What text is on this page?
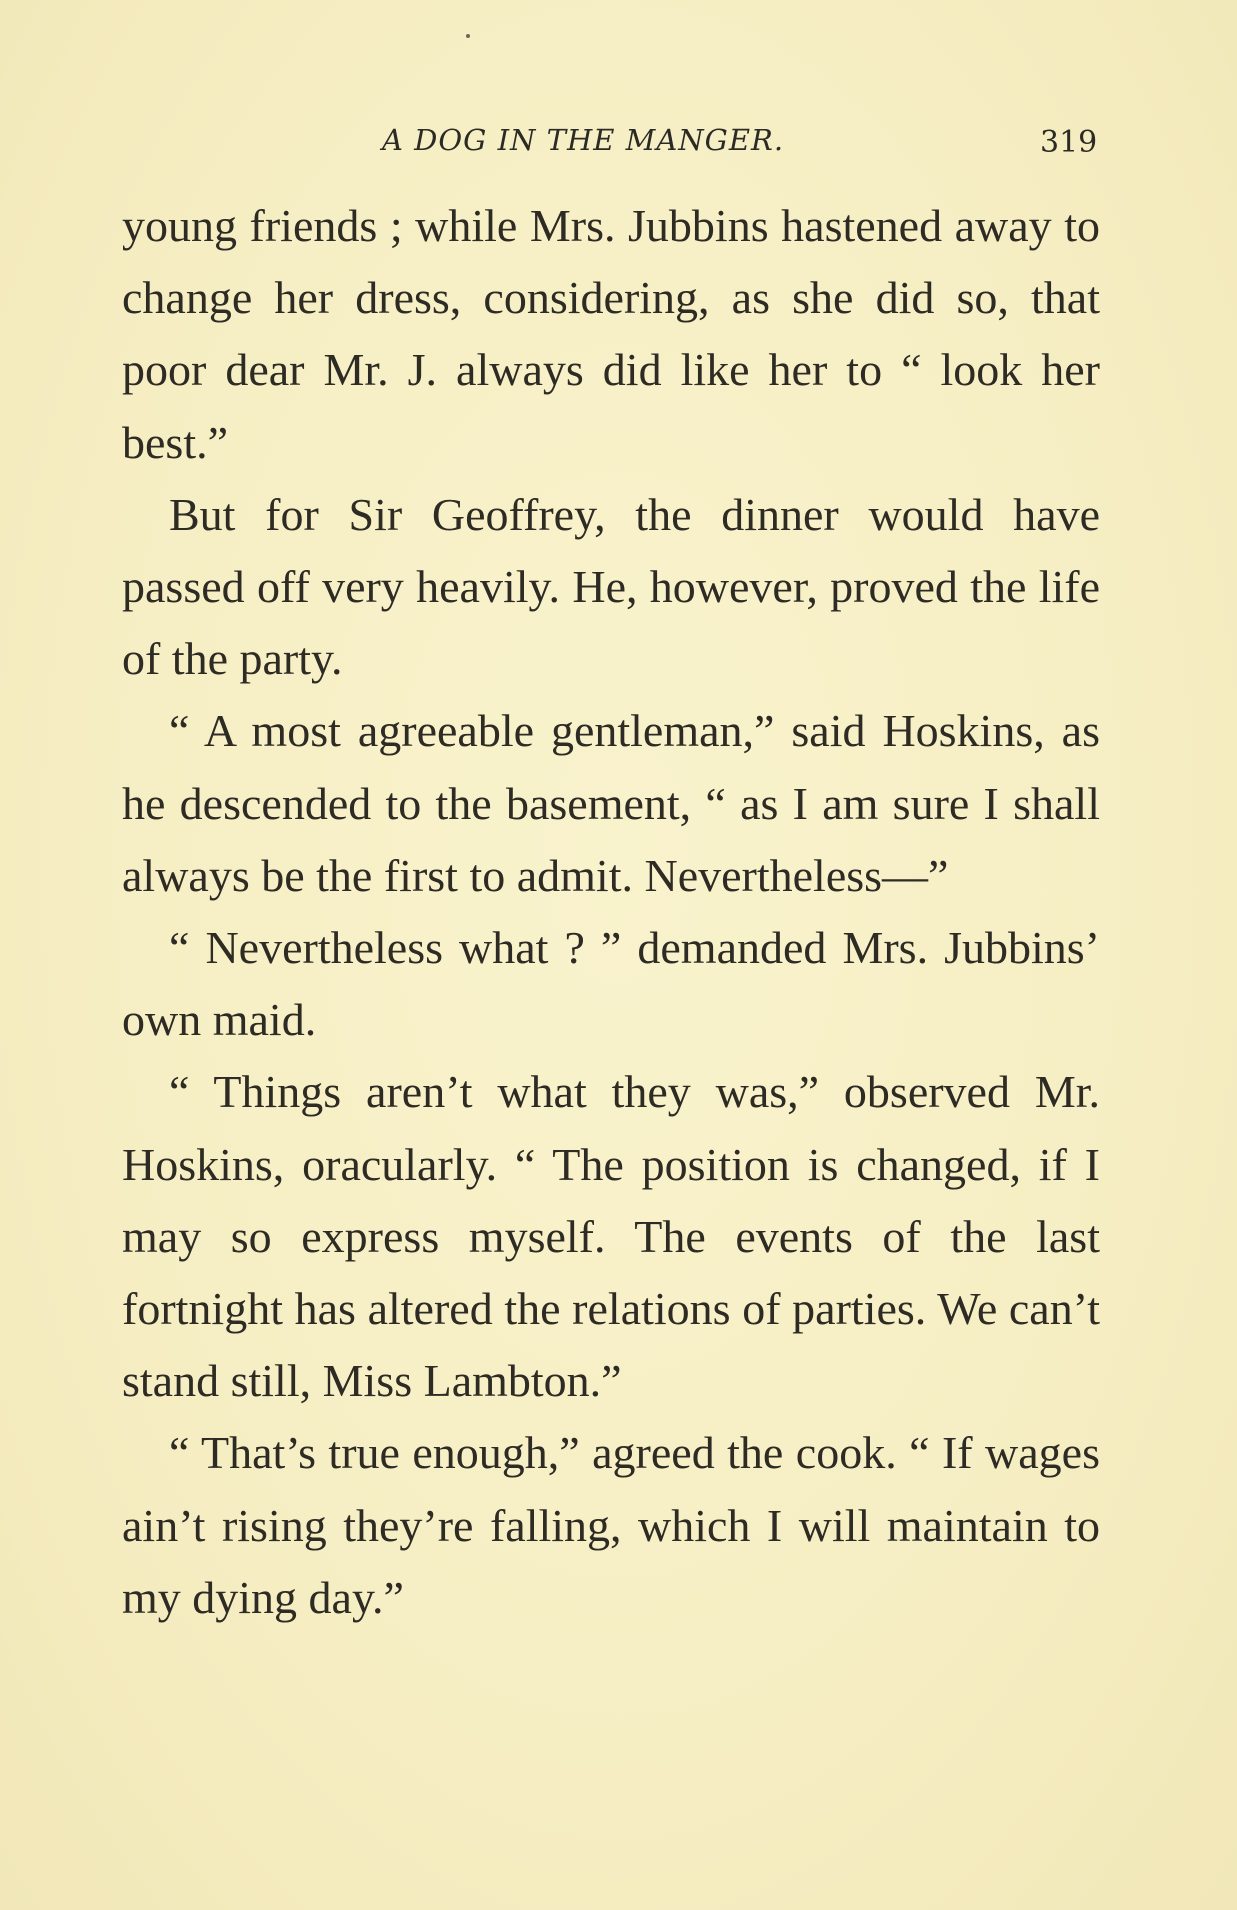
A DOG IN THE MANGER.	319

young friends ; while Mrs. Jubbins hastened away to change her dress, considering, as she did so, that poor dear Mr. J. always did like her to “ look her best.”

But for Sir Geoffrey, the dinner would have passed off very heavily. He, however, proved the life of the party.

“ A most agreeable gentleman,” said Hoskins, as he descended to the basement, “ as I am sure I shall always be the first to admit. Nevertheless—”

“ Nevertheless what ? ” demanded Mrs. Jubbins’ own maid.

“ Things aren’t what they was,” observed Mr. Hoskins, oracularly. “ The position is changed, if I may so express myself. The events of the last fortnight has altered the relations of parties. We can’t stand still, Miss Lambton.”

“ That’s true enough,” agreed the cook. “ If wages ain’t rising they’re falling, which I will maintain to my dying day.”
